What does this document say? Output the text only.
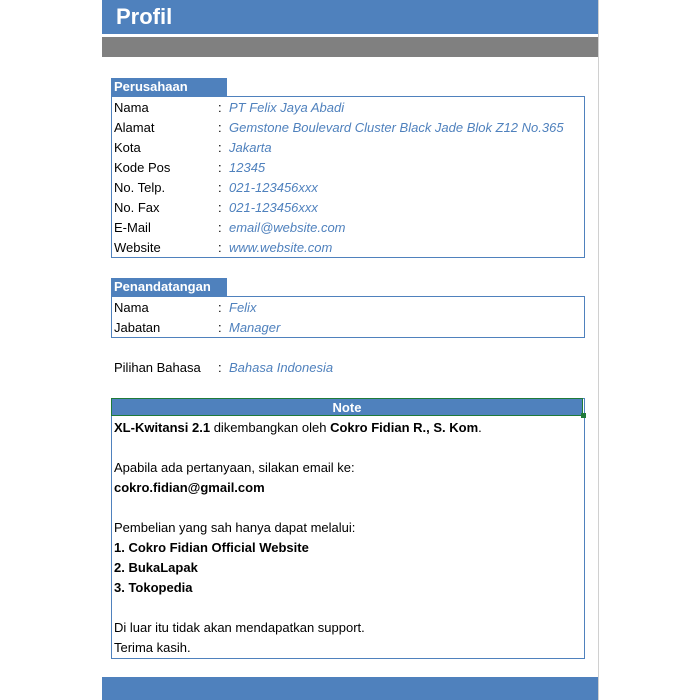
Profil
Perusahaan
Nama	: PT Felix Jaya Abadi
Alamat	: Gemstone Boulevard Cluster Black Jade Blok Z12 No.365
Kota	: Jakarta
Kode Pos	: 12345
No. Telp.	: 021-123456xxx
No. Fax	: 021-123456xxx
E-Mail	: email@website.com
Website	: www.website.com
Penandatangan
Nama	: Felix
Jabatan	: Manager
Pilihan Bahasa : Bahasa Indonesia
Note
XL-Kwitansi 2.1 dikembangkan oleh Cokro Fidian R., S. Kom.
Apabila ada pertanyaan, silakan email ke:
cokro.fidian@gmail.com
Pembelian yang sah hanya dapat melalui:
1. Cokro Fidian Official Website
2. BukaLapak
3. Tokopedia
Di luar itu tidak akan mendapatkan support.
Terima kasih.
